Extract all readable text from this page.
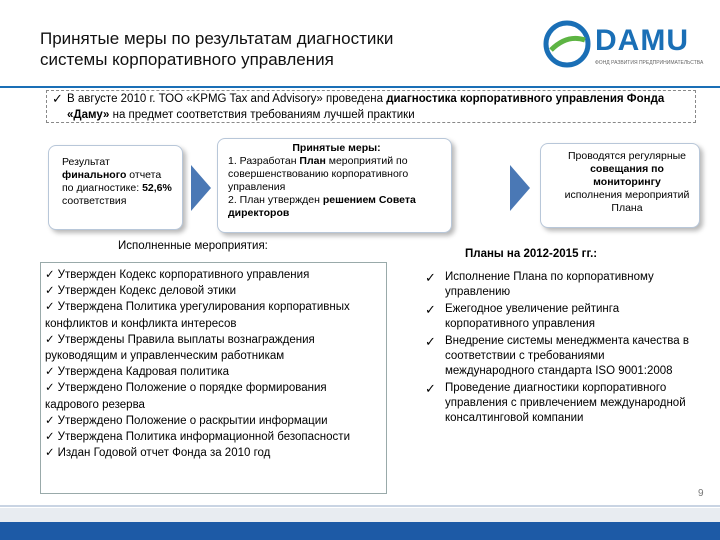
Принятые меры по результатам диагностики
системы корпоративного управления
DAMU
ФОНД РАЗВИТИЯ ПРЕДПРИНИМАТЕЛЬСТВА
✓ В августе 2010 г. ТОО «KPMG Tax and Advisory» проведена диагностика корпоративного управления Фонда «Даму» на предмет соответствия требованиям лучшей практики
Результат
финального отчета
по диагностике: 52,6%
соответствия
Принятые меры:
1. Разработан План мероприятий по совершенствованию корпоративного управления
2. План утвержден решением Совета директоров
Проводятся регулярные
совещания по мониторингу
исполнения мероприятий Плана
Исполненные мероприятия:
Планы на 2012-2015 гг.:
✓ Утвержден Кодекс корпоративного управления
✓ Утвержден Кодекс деловой этики
✓ Утверждена Политика урегулирования корпоративных конфликтов и конфликта интересов
✓ Утверждены Правила выплаты вознаграждения руководящим и управленческим работникам
✓ Утверждена Кадровая политика
✓ Утверждено Положение о порядке формирования кадрового резерва
✓ Утверждено Положение о раскрытии информации
✓ Утверждена Политика информационной безопасности
✓ Издан Годовой отчет Фонда за 2010 год
✓ Исполнение Плана по корпоративному управлению
✓ Ежегодное увеличение рейтинга корпоративного управления
✓ Внедрение системы менеджмента качества в соответствии с требованиями международного стандарта ISO 9001:2008
✓ Проведение диагностики корпоративного управления с привлечением международной консалтинговой компании
9
